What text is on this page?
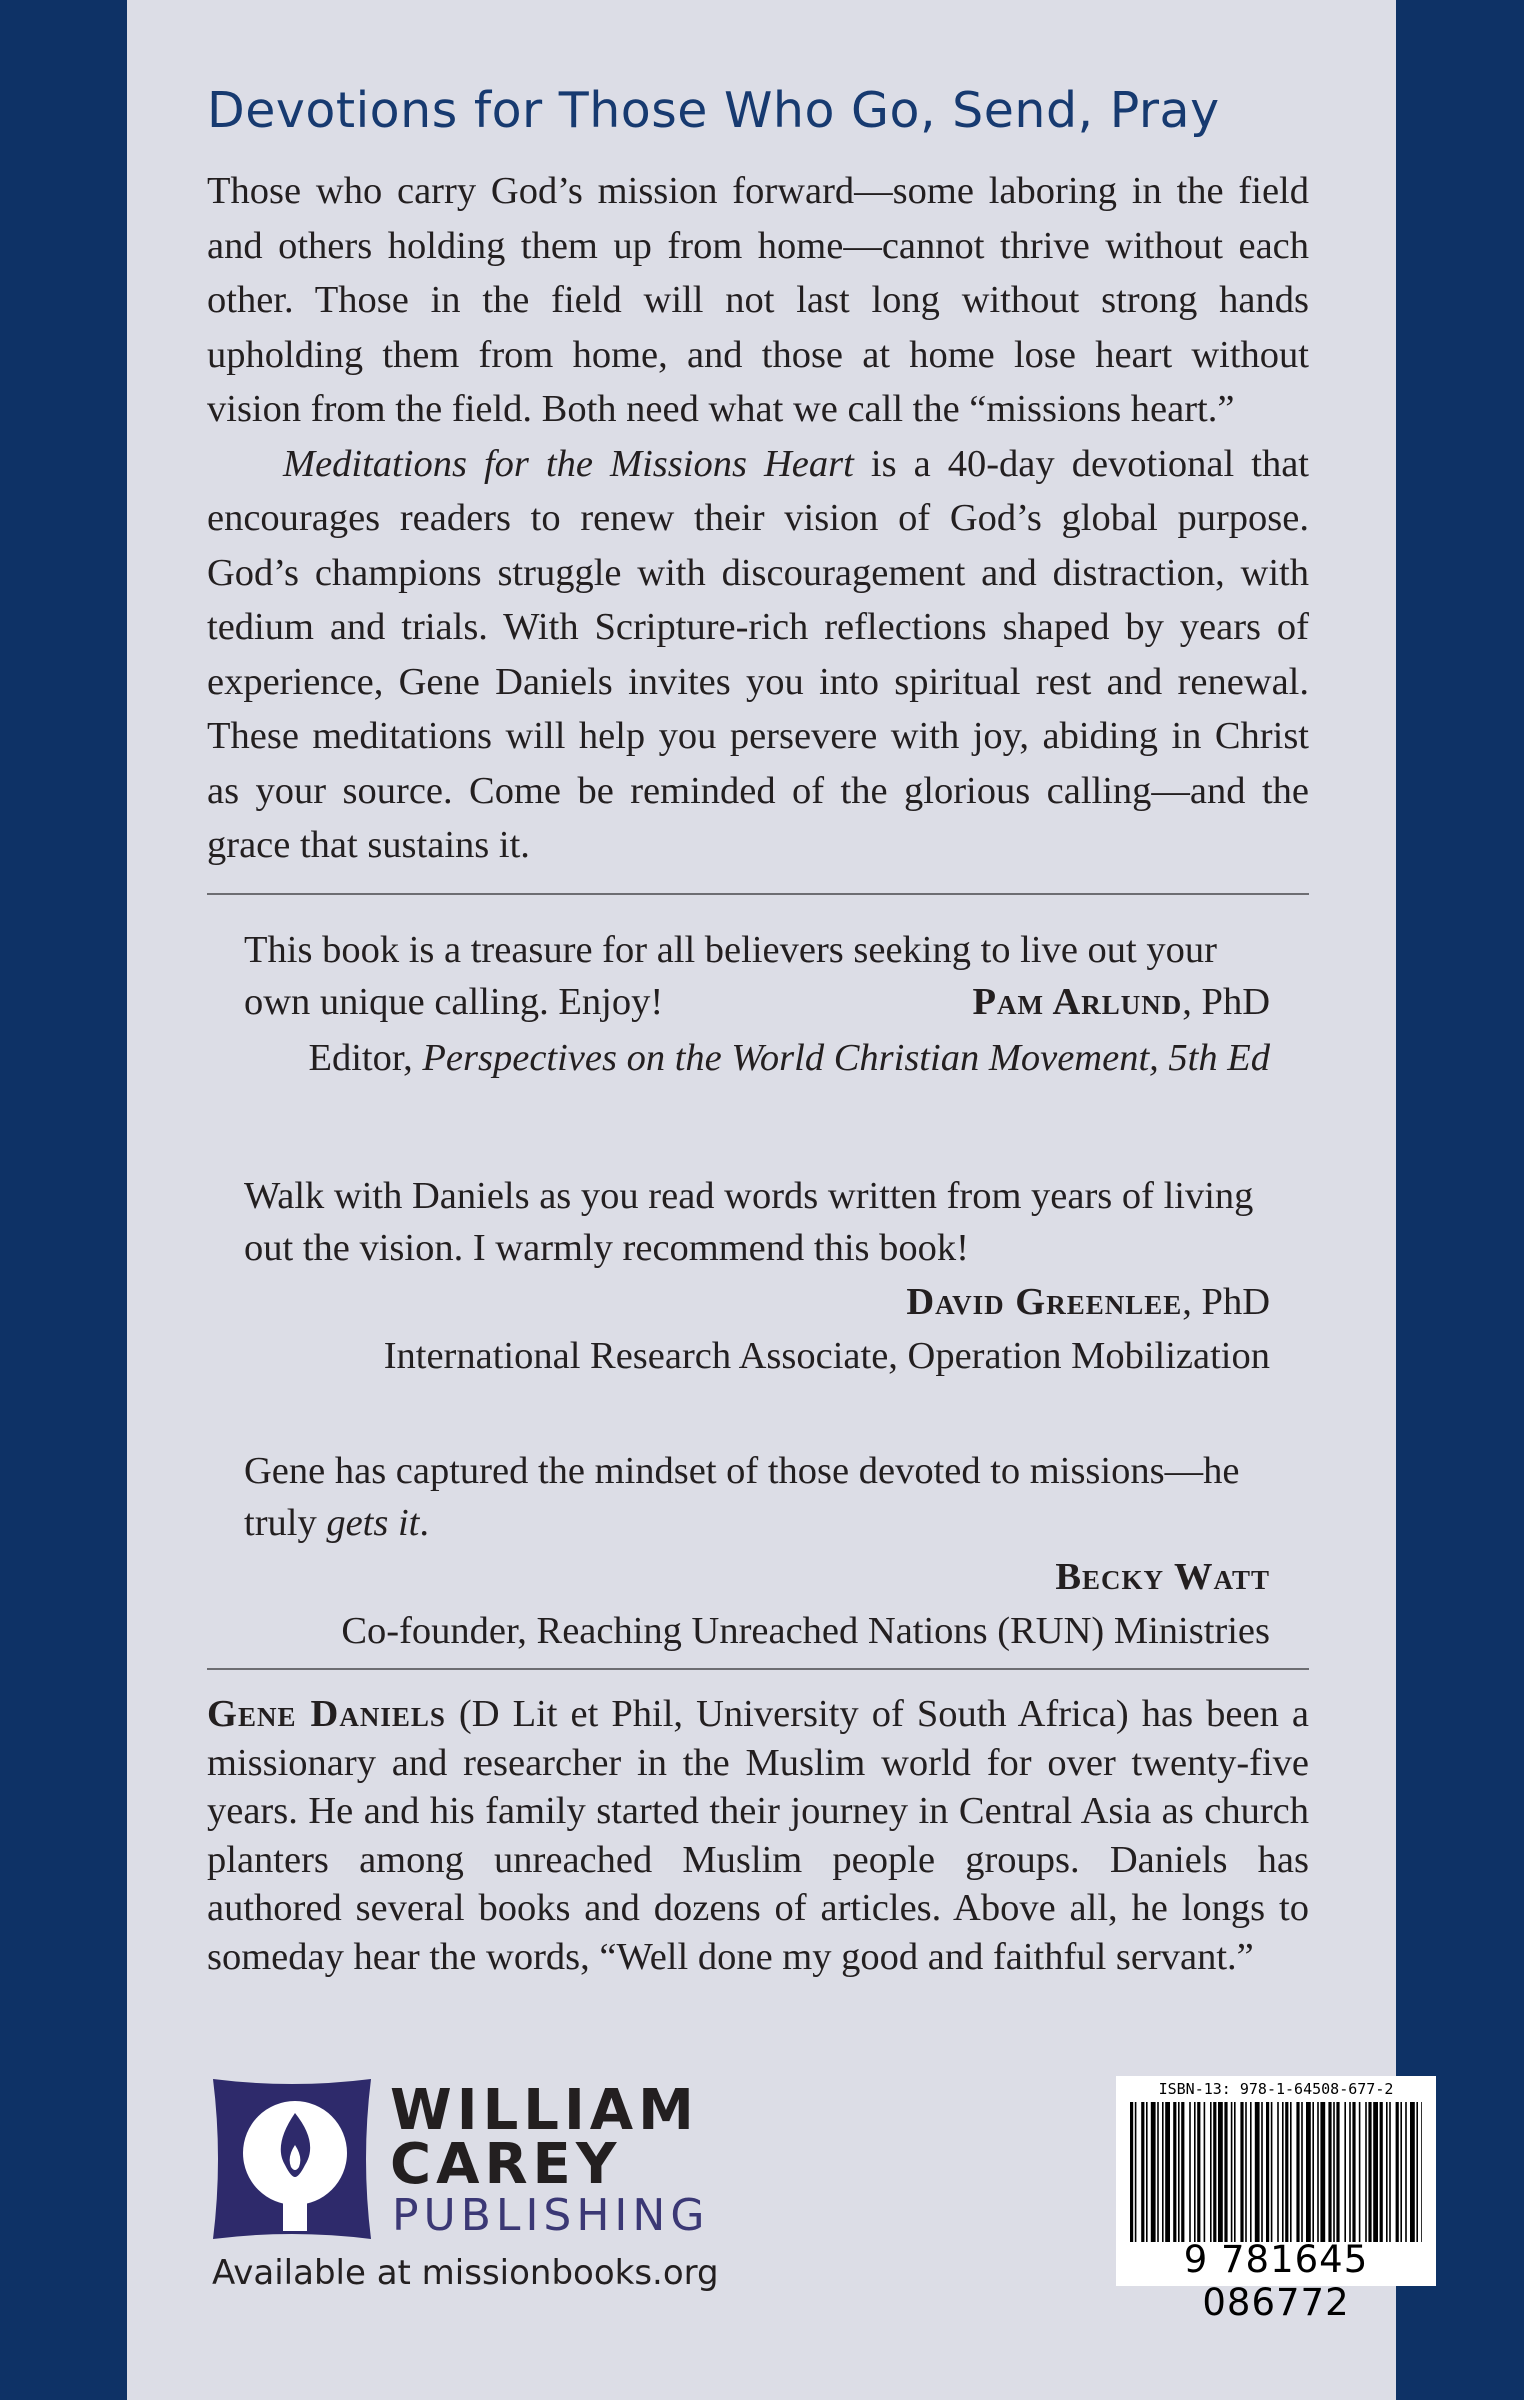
Devotions for Those Who Go, Send, Pray

Those who carry God’s mission forward—some laboring in the field and others holding them up from home—cannot thrive without each other. Those in the field will not last long without strong hands upholding them from home, and those at home lose heart without vision from the field. Both need what we call the “missions heart.”

Meditations for the Missions Heart is a 40-day devotional that encourages readers to renew their vision of God’s global purpose. God’s champions struggle with discouragement and distraction, with tedium and trials. With Scripture-rich reflections shaped by years of experience, Gene Daniels invites you into spiritual rest and renewal. These meditations will help you persevere with joy, abiding in Christ as your source. Come be reminded of the glorious calling—and the grace that sustains it.

This book is a treasure for all believers seeking to live out your own unique calling. Enjoy!	Pam Arlund, PhD

Editor, Perspectives on the World Christian Movement, 5th Ed

Walk with Daniels as you read words written from years of living out the vision. I warmly recommend this book!

David Greenlee, PhD

International Research Associate, Operation Mobilization

Gene has captured the mindset of those devoted to missions—he truly gets it.

Becky Watt

Co-founder, Reaching Unreached Nations (RUN) Ministries

Gene Daniels (D Lit et Phil, University of South Africa) has been a missionary and researcher in the Muslim world for over twenty-five years. He and his family started their journey in Central Asia as church planters among unreached Muslim people groups. Daniels has authored several books and dozens of articles. Above all, he longs to someday hear the words, “Well done my good and faithful servant.”

WILLIAM
CAREY
PUBLISHING
Available at missionbooks.org
ISBN-13: 978-1-64508-677-2
9 781645 086772
